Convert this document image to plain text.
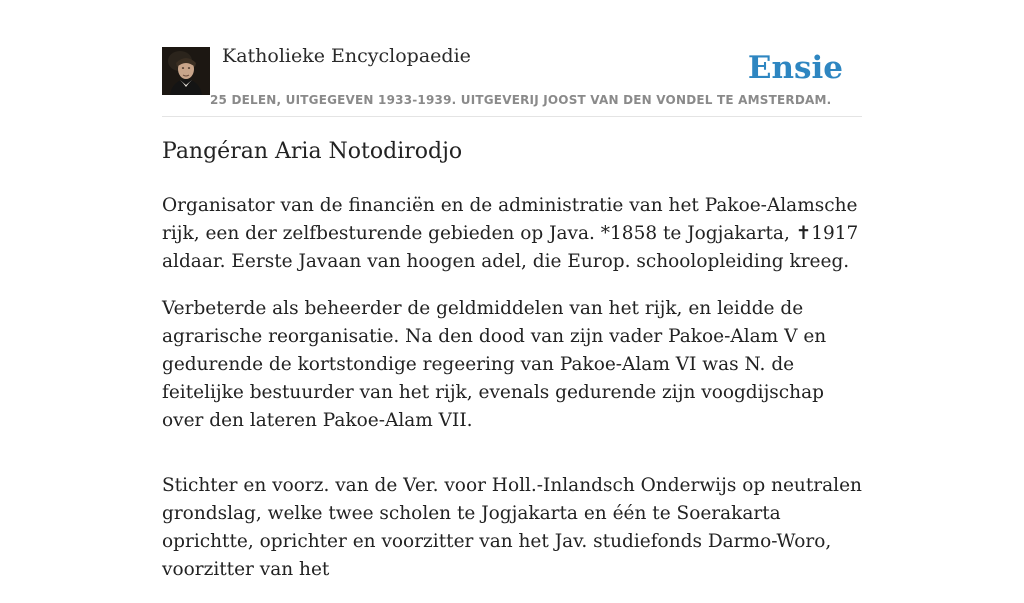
Katholieke Encyclopaedie
25 DELEN, UITGEGEVEN 1933-1939. UITGEVERIJ JOOST VAN DEN VONDEL TE AMSTERDAM.
Ensie
Pangéran Aria Notodirodjo

Organisator van de financiën en de administratie van het Pakoe-Alamsche rijk, een der zelfbesturende gebieden op Java. *1858 te Jogjakarta, ✝1917 aldaar. Eerste Javaan van hoogen adel, die Europ. schoolopleiding kreeg.

Verbeterde als beheerder de geldmiddelen van het rijk, en leidde de agrarische reorganisatie. Na den dood van zijn vader Pakoe-Alam V en gedurende de kortstondige regeering van Pakoe-Alam VI was N. de feitelijke bestuurder van het rijk, evenals gedurende zijn voogdijschap over den lateren Pakoe-Alam VII.

Stichter en voorz. van de Ver. voor Holl.-Inlandsch Onderwijs op neutralen grondslag, welke twee scholen te Jogjakarta en één te Soerakarta oprichtte, oprichter en voorzitter van het Jav. studiefonds Darmo-Woro, voorzitter van het
